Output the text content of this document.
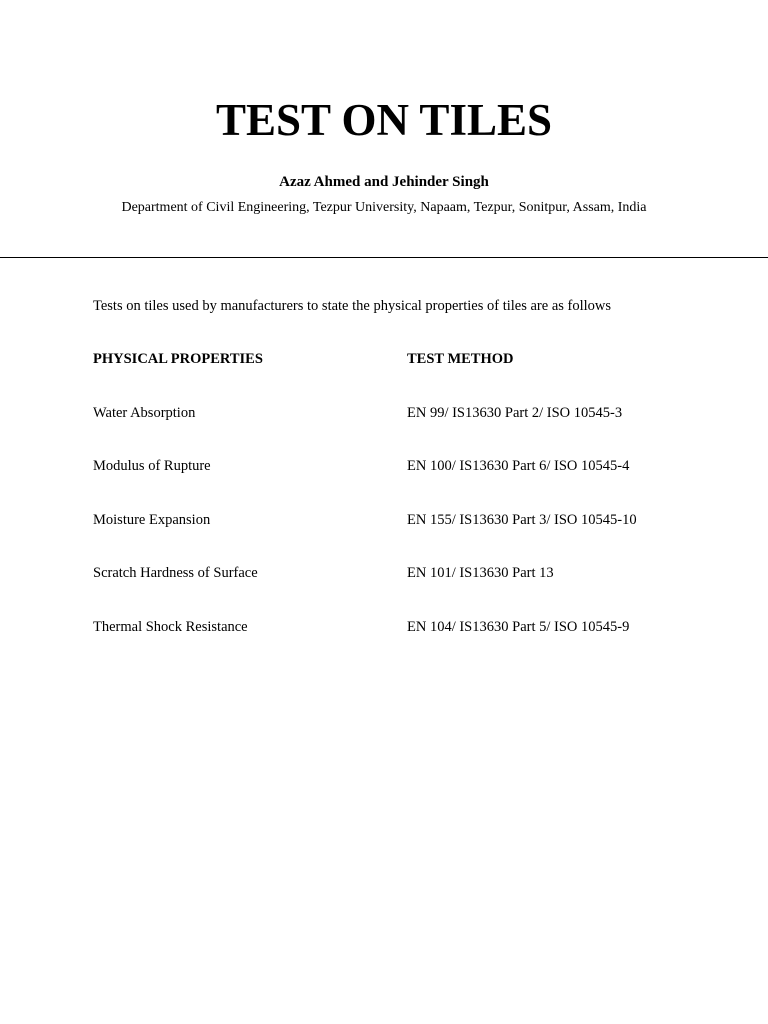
TEST ON TILES

Azaz Ahmed and Jehinder Singh

Department of Civil Engineering, Tezpur University, Napaam, Tezpur, Sonitpur, Assam, India

Tests on tiles used by manufacturers to state the physical properties of tiles are as follows

PHYSICAL PROPERTIES	TEST METHOD
Water Absorption	EN 99/ IS13630 Part 2/ ISO 10545-3
Modulus of Rupture	EN 100/ IS13630 Part 6/ ISO 10545-4
Moisture Expansion	EN 155/ IS13630 Part 3/ ISO 10545-10
Scratch Hardness of Surface	EN 101/ IS13630 Part 13
Thermal Shock Resistance	EN 104/ IS13630 Part 5/ ISO 10545-9
